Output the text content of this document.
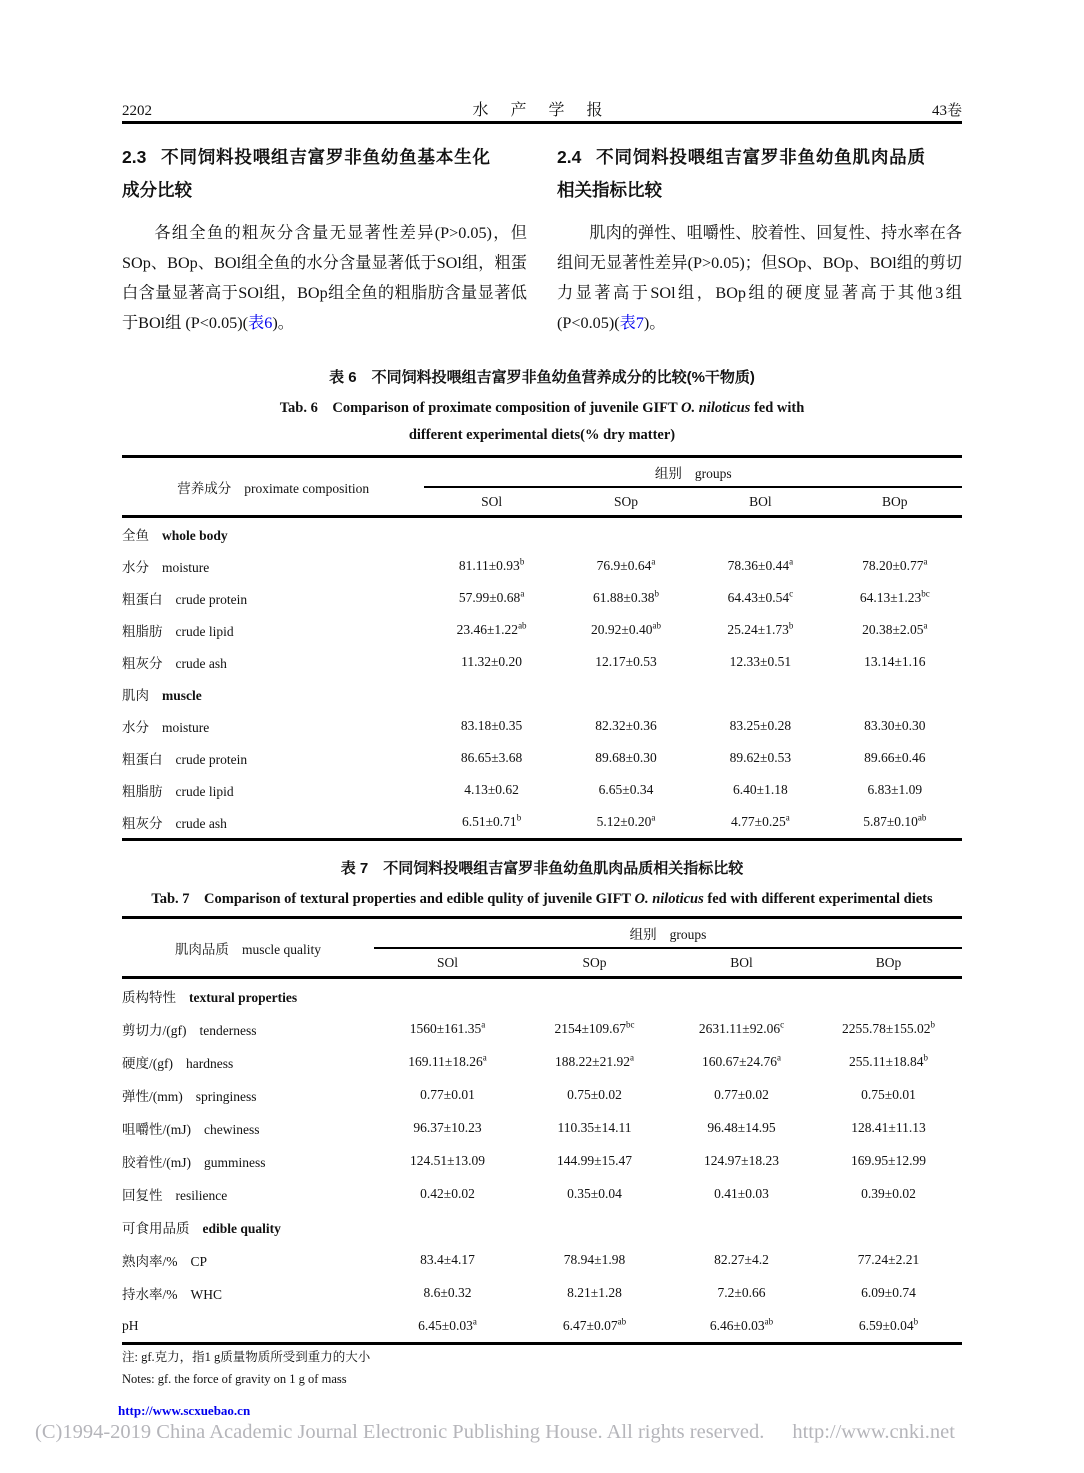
2202	水 产 学 报	43卷
2.3 不同饲料投喂组吉富罗非鱼幼鱼基本生化成分比较
各组全鱼的粗灰分含量无显著性差异(P>0.05)，但SOp、BOp、BOl组全鱼的水分含量显著低于SOl组，粗蛋白含量显著高于SOl组，BOp组全鱼的粗脂肪含量显著低于BOl组 (P<0.05)(表6)。
2.4 不同饲料投喂组吉富罗非鱼幼鱼肌肉品质相关指标比较
肌肉的弹性、咀嚼性、胶着性、回复性、持水率在各组间无显著性差异(P>0.05)；但SOp、BOp、BOl组的剪切力显著高于SOl组，BOp组的硬度显著高于其他3组(P<0.05)(表7)。
表 6　不同饲料投喂组吉富罗非鱼幼鱼营养成分的比较(%干物质)
Tab. 6　Comparison of proximate composition of juvenile GIFT O. niloticus fed with
different experimental diets(% dry matter)
营养成分 proximate composition	组别 groups			
	SOl	SOp	BOl	BOp
全鱼 whole body				
水分 moisture	81.11±0.93$^b$	76.9±0.64$^a$	78.36±0.44$^a$	78.20±0.77$^a$
粗蛋白 crude protein	57.99±0.68$^a$	61.88±0.38$^b$	64.43±0.54$^c$	64.13±1.23$^{bc}$
粗脂肪 crude lipid	23.46±1.22$^{ab}$	20.92±0.40$^{ab}$	25.24±1.73$^b$	20.38±2.05$^a$
粗灰分 crude ash	11.32±0.20	12.17±0.53	12.33±0.51	13.14±1.16
肌肉 muscle				
水分 moisture	83.18±0.35	82.32±0.36	83.25±0.28	83.30±0.30
粗蛋白 crude protein	86.65±3.68	89.68±0.30	89.62±0.53	89.66±0.46
粗脂肪 crude lipid	4.13±0.62	6.65±0.34	6.40±1.18	6.83±1.09
粗灰分 crude ash	6.51±0.71$^b$	5.12±0.20$^a$	4.77±0.25$^a$	5.87±0.10$^{ab}$
表 7　不同饲料投喂组吉富罗非鱼幼鱼肌肉品质相关指标比较
Tab. 7　Comparison of textural properties and edible qulity of juvenile GIFT O. niloticus fed with different experimental diets
肌肉品质 muscle quality	组别 groups			
	SOl	SOp	BOl	BOp
质构特性 textural properties				
剪切力/(gf) tenderness	1560±161.35$^a$	2154±109.67$^{bc}$	2631.11±92.06$^c$	2255.78±155.02$^b$
硬度/(gf) hardness	169.11±18.26$^a$	188.22±21.92$^a$	160.67±24.76$^a$	255.11±18.84$^b$
弹性/(mm) springiness	0.77±0.01	0.75±0.02	0.77±0.02	0.75±0.01
咀嚼性/(mJ) chewiness	96.37±10.23	110.35±14.11	96.48±14.95	128.41±11.13
胶着性/(mJ) gumminess	124.51±13.09	144.99±15.47	124.97±18.23	169.95±12.99
回复性 resilience	0.42±0.02	0.35±0.04	0.41±0.03	0.39±0.02
可食用品质 edible quality				
熟肉率/% CP	83.4±4.17	78.94±1.98	82.27±4.2	77.24±2.21
持水率/% WHC	8.6±0.32	8.21±1.28	7.2±0.66	6.09±0.74
pH	6.45±0.03$^a$	6.47±0.07$^{ab}$	6.46±0.03$^{ab}$	6.59±0.04$^b$
注: gf.克力，指1 g质量物质所受到重力的大小
Notes: gf. the force of gravity on 1 g of mass
http://www.scxuebao.cn
(C)1994-2019 China Academic Journal Electronic Publishing House. All rights reserved. http://www.cnki.net
